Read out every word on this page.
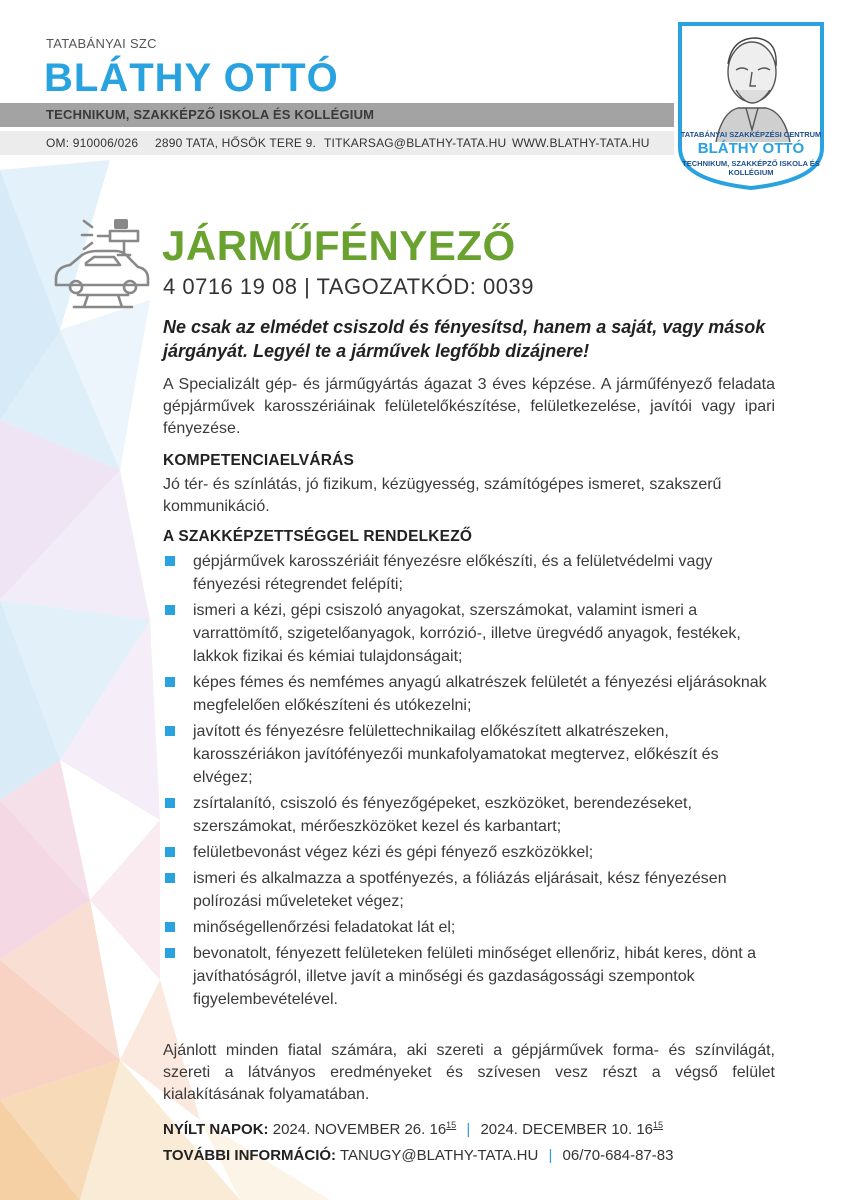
TATABÁNYAI SZC
BLÁTHY OTTÓ
TECHNIKUM, SZAKKÉPZŐ ISKOLA ÉS KOLLÉGIUM
OM: 910006/026 2890 TATA, HŐSÖK TERE 9. TITKARSAG@BLATHY-TATA.HU WWW.BLATHY-TATA.HU
TATABÁNYAI SZAKKÉPZÉSI CENTRUM
BLÁTHY OTTÓ
TECHNIKUM, SZAKKÉPZŐ ISKOLA ÉS KOLLÉGIUM
JÁRMŰFÉNYEZŐ
4 0716 19 08 | TAGOZATKÓD: 0039
Ne csak az elmédet csiszold és fényesítsd, hanem a saját, vagy mások járgányát. Legyél te a járművek legfőbb dizájnere!
A Specializált gép- és járműgyártás ágazat 3 éves képzése. A járműfényező feladata gépjárművek karosszériáinak felületelőkészítése, felületkezelése, javítói vagy ipari fényezése.
KOMPETENCIAELVÁRÁS
Jó tér- és színlátás, jó fizikum, kézügyesség, számítógépes ismeret, szakszerű kommunikáció.
A SZAKKÉPZETTSÉGGEL RENDELKEZŐ
gépjárművek karosszériáit fényezésre előkészíti, és a felületvédelmi vagy fényezési rétegrendet felépíti;
ismeri a kézi, gépi csiszoló anyagokat, szerszámokat, valamint ismeri a varrattömítő, szigetelőanyagok, korrózió-, illetve üregvédő anyagok, festékek, lakkok fizikai és kémiai tulajdonságait;
képes fémes és nemfémes anyagú alkatrészek felületét a fényezési eljárásoknak megfelelően előkészíteni és utókezelni;
javított és fényezésre felülettechnikailag előkészített alkatrészeken, karosszériákon javítófényezői munkafolyamatokat megtervez, előkészít és elvégez;
zsírtalanító, csiszoló és fényezőgépeket, eszközöket, berendezéseket, szerszámokat, mérőeszközöket kezel és karbantart;
felületbevonást végez kézi és gépi fényező eszközökkel;
ismeri és alkalmazza a spotfényezés, a fóliázás eljárásait, kész fényezésen polírozási műveleteket végez;
minőségellenőrzési feladatokat lát el;
bevonatolt, fényezett felületeken felületi minőséget ellenőriz, hibát keres, dönt a javíthatóságról, illetve javít a minőségi és gazdaságossági szempontok figyelembevételével.
Ajánlott minden fiatal számára, aki szereti a gépjárművek forma- és színvilágát, szereti a látványos eredményeket és szívesen vesz részt a végső felület kialakításának folyamatában.
NYÍLT NAPOK: 2024. NOVEMBER 26. $16^{15}$ | 2024. DECEMBER 10. $16^{15}$
TOVÁBBI INFORMÁCIÓ: TANUGY@BLATHY-TATA.HU | 06/70-684-87-83
